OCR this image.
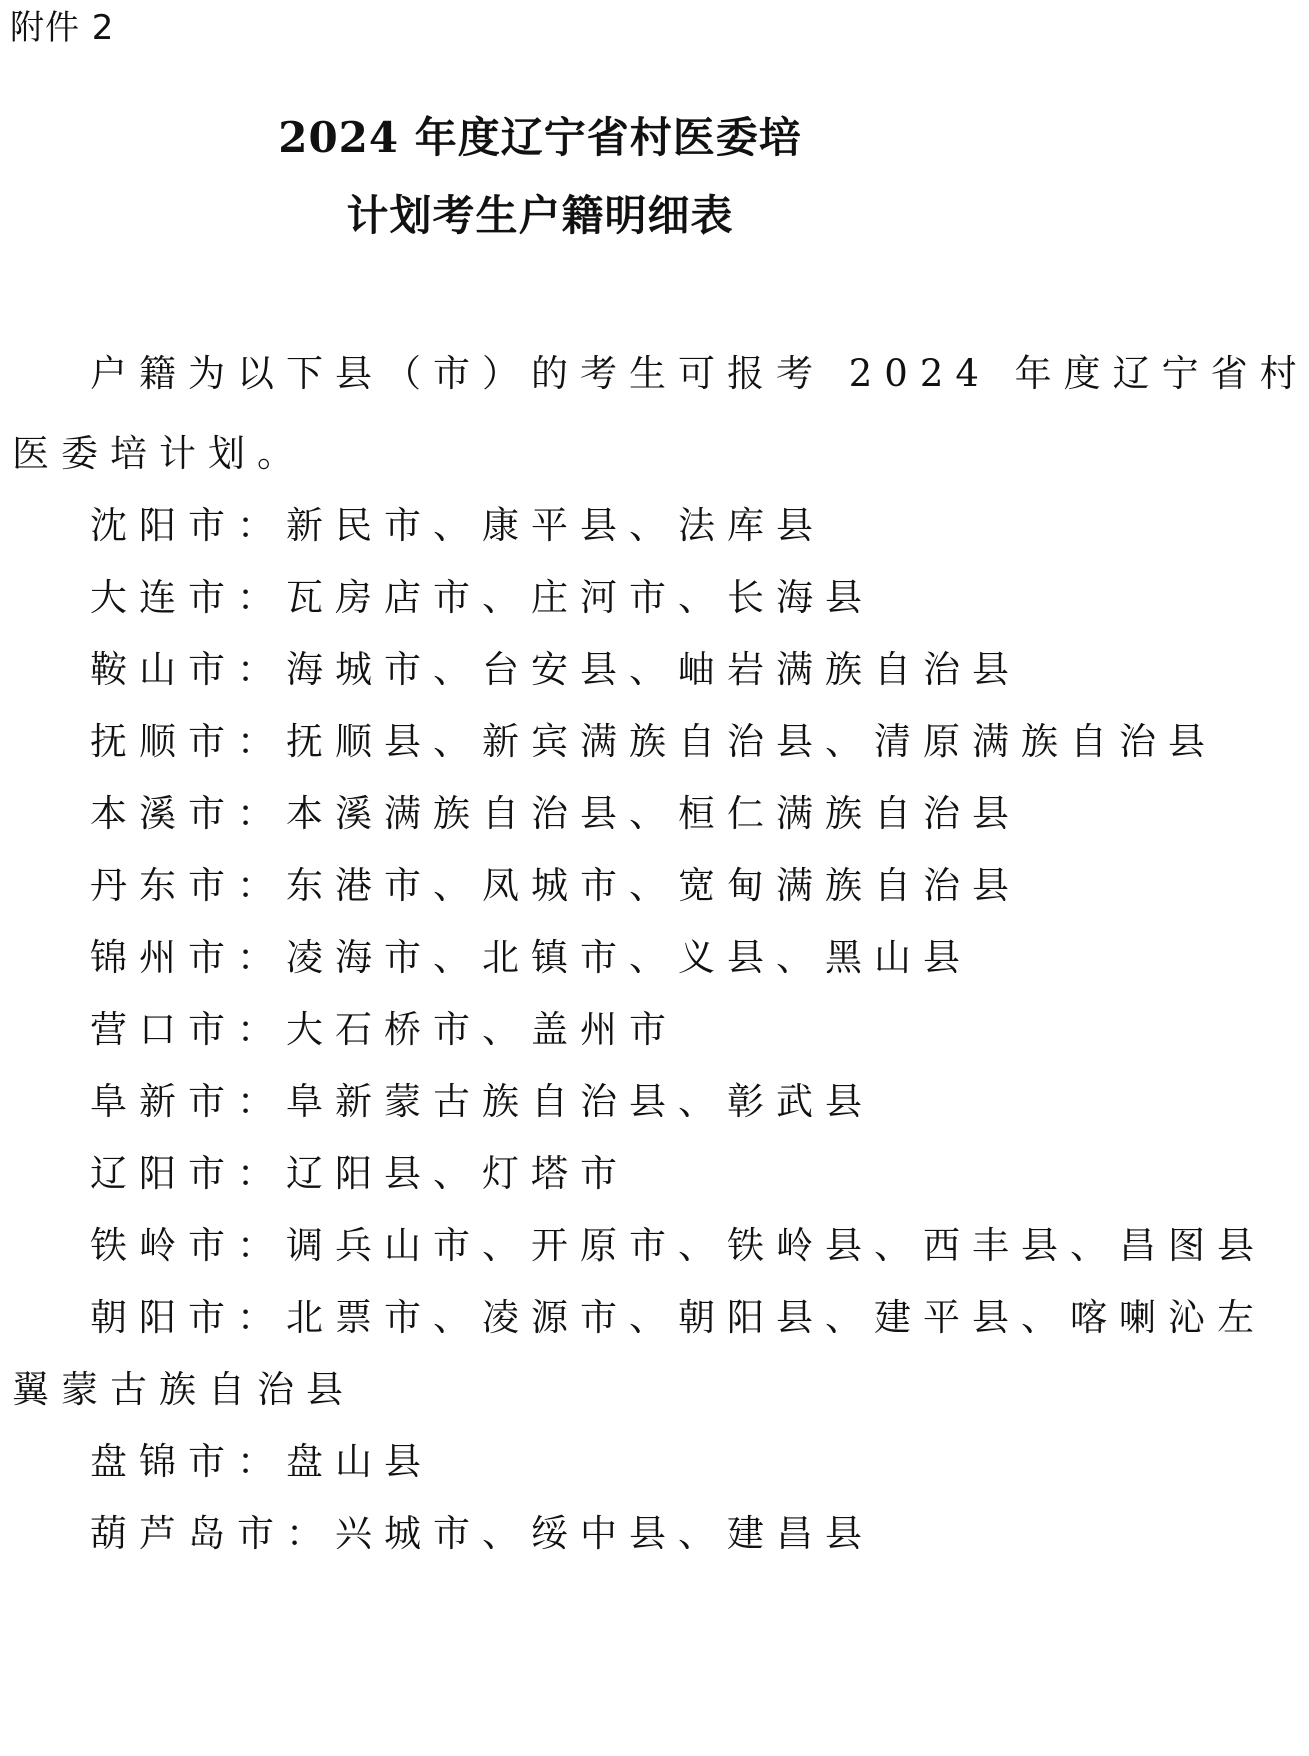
附件 2
2024 年度辽宁省村医委培
计划考生户籍明细表
户籍为以下县（市）的考生可报考 2024 年度辽宁省村
医委培计划。
沈阳市：新民市、康平县、法库县
大连市：瓦房店市、庄河市、长海县
鞍山市：海城市、台安县、岫岩满族自治县
抚顺市：抚顺县、新宾满族自治县、清原满族自治县
本溪市：本溪满族自治县、桓仁满族自治县
丹东市：东港市、凤城市、宽甸满族自治县
锦州市：凌海市、北镇市、义县、黑山县
营口市：大石桥市、盖州市
阜新市：阜新蒙古族自治县、彰武县
辽阳市：辽阳县、灯塔市
铁岭市：调兵山市、开原市、铁岭县、西丰县、昌图县
朝阳市：北票市、凌源市、朝阳县、建平县、喀喇沁左
翼蒙古族自治县
盘锦市：盘山县
葫芦岛市：兴城市、绥中县、建昌县
